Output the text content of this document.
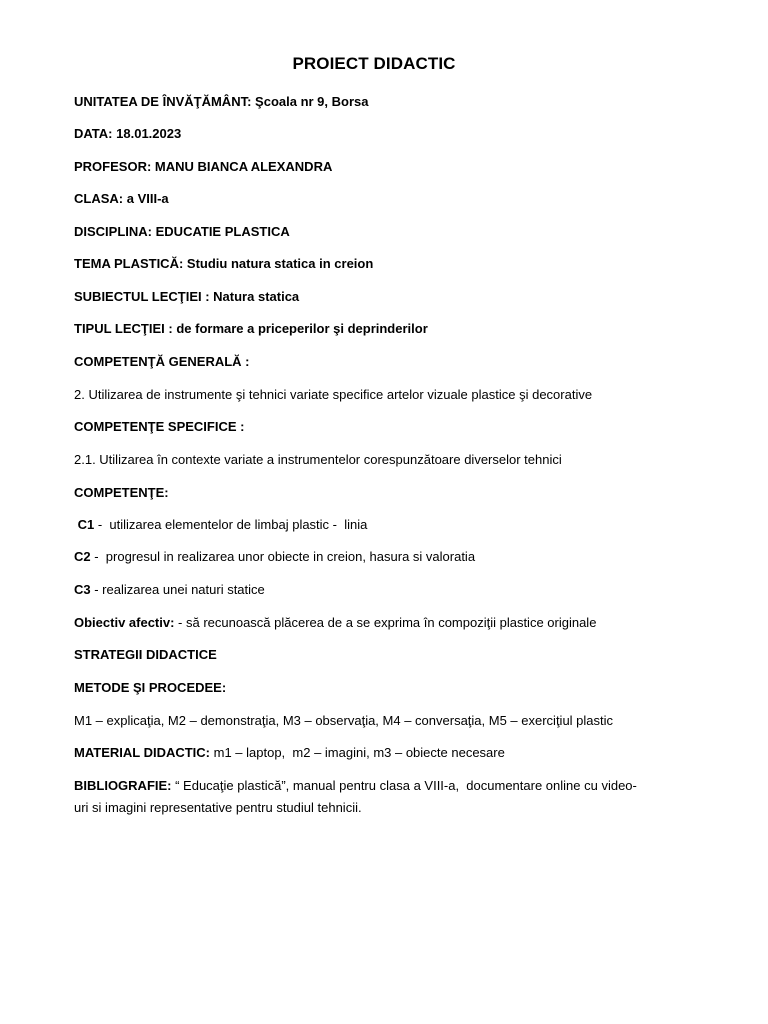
PROIECT DIDACTIC
UNITATEA DE ÎNVĂŢĂMÂNT: Şcoala nr 9, Borsa
DATA: 18.01.2023
PROFESOR: MANU BIANCA ALEXANDRA
CLASA: a VIII-a
DISCIPLINA: EDUCATIE PLASTICA
TEMA PLASTICĂ: Studiu natura statica in creion
SUBIECTUL LECŢIEI : Natura statica
TIPUL LECŢIEI : de formare a priceperilor şi deprinderilor
COMPETENŢĂ GENERALĂ :
2. Utilizarea de instrumente şi tehnici variate specifice artelor vizuale plastice şi decorative
COMPETENŢE SPECIFICE :
2.1. Utilizarea în contexte variate a instrumentelor corespunzătoare diverselor tehnici
COMPETENŢE:
C1 -  utilizarea elementelor de limbaj plastic -  linia
C2 -  progresul in realizarea unor obiecte in creion, hasura si valoratia
C3 - realizarea unei naturi statice
Obiectiv afectiv: - să recunoască plăcerea de a se exprima în compoziţii plastice originale
STRATEGII DIDACTICE
METODE ŞI PROCEDEE:
M1 – explicaţia, M2 – demonstraţia, M3 – observaţia, M4 – conversaţia, M5 – exerciţiul plastic
MATERIAL DIDACTIC: m1 – laptop,  m2 – imagini, m3 – obiecte necesare
BIBLIOGRAFIE: “ Educaţie plastică”, manual pentru clasa a VIII-a,  documentare online cu video-
uri si imagini representative pentru studiul tehnicii.
